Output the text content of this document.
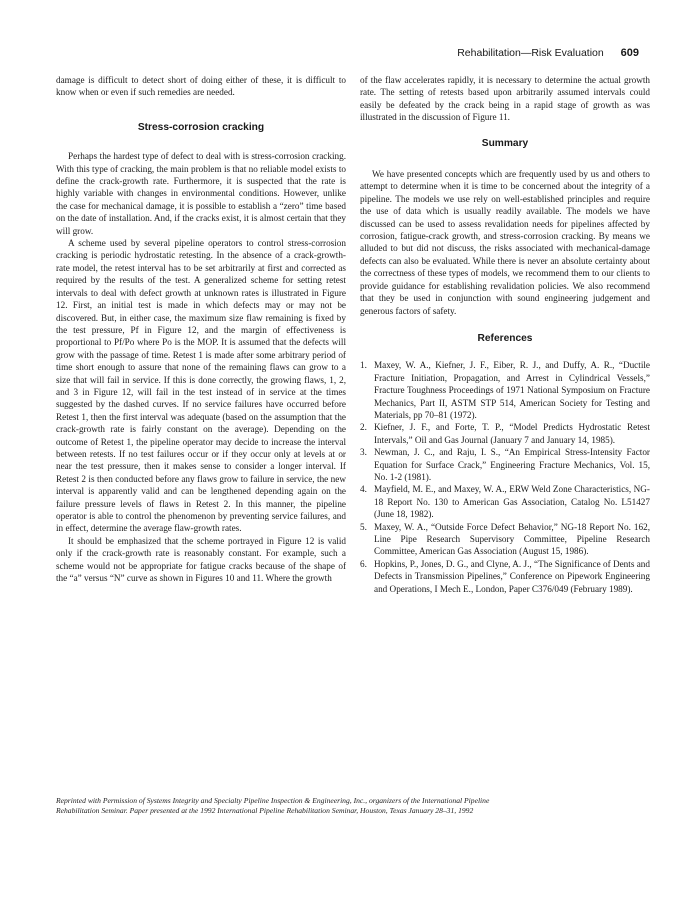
Rehabilitation—Risk Evaluation 609

damage is difficult to detect short of doing either of these, it is difficult to know when or even if such remedies are needed.

Stress-corrosion cracking

Perhaps the hardest type of defect to deal with is stress-corrosion cracking. With this type of cracking, the main problem is that no reliable model exists to define the crack-growth rate. Furthermore, it is suspected that the rate is highly variable with changes in environmental conditions. However, unlike the case for mechanical damage, it is possible to establish a “zero” time based on the date of installation. And, if the cracks exist, it is almost certain that they will grow.

A scheme used by several pipeline operators to control stress-corrosion cracking is periodic hydrostatic retesting. In the absence of a crack-growth-rate model, the retest interval has to be set arbitrarily at first and corrected as required by the results of the test. A generalized scheme for setting retest intervals to deal with defect growth at unknown rates is illustrated in Figure 12. First, an initial test is made in which defects may or may not be discovered. But, in either case, the maximum size flaw remaining is fixed by the test pressure, Pf in Figure 12, and the margin of effectiveness is proportional to Pf/Po where Po is the MOP. It is assumed that the defects will grow with the passage of time. Retest 1 is made after some arbitrary period of time short enough to assure that none of the remaining flaws can grow to a size that will fail in service. If this is done correctly, the growing flaws, 1, 2, and 3 in Figure 12, will fail in the test instead of in service at the times suggested by the dashed curves. If no service failures have occurred before Retest 1, then the first interval was adequate (based on the assumption that the crack-growth rate is fairly constant on the average). Depending on the outcome of Retest 1, the pipeline operator may decide to increase the interval between retests. If no test failures occur or if they occur only at levels at or near the test pressure, then it makes sense to consider a longer interval. If Retest 2 is then conducted before any flaws grow to failure in service, the new interval is apparently valid and can be lengthened depending again on the failure pressure levels of flaws in Retest 2. In this manner, the pipeline operator is able to control the phenomenon by preventing service failures, and in effect, determine the average flaw-growth rates.

It should be emphasized that the scheme portrayed in Figure 12 is valid only if the crack-growth rate is reasonably constant. For example, such a scheme would not be appropriate for fatigue cracks because of the shape of the “a” versus “N” curve as shown in Figures 10 and 11. Where the growth

of the flaw accelerates rapidly, it is necessary to determine the actual growth rate. The setting of retests based upon arbitrarily assumed intervals could easily be defeated by the crack being in a rapid stage of growth as was illustrated in the discussion of Figure 11.

Summary

We have presented concepts which are frequently used by us and others to attempt to determine when it is time to be concerned about the integrity of a pipeline. The models we use rely on well-established principles and require the use of data which is usually readily available. The models we have discussed can be used to assess revalidation needs for pipelines affected by corrosion, fatigue-crack growth, and stress-corrosion cracking. By means we alluded to but did not discuss, the risks associated with mechanical-damage defects can also be evaluated. While there is never an absolute certainty about the correctness of these types of models, we recommend them to our clients to provide guidance for establishing revalidation policies. We also recommend that they be used in conjunction with sound engineering judgement and generous factors of safety.

References
1. Maxey, W. A., Kiefner, J. F., Eiber, R. J., and Duffy, A. R., “Ductile Fracture Initiation, Propagation, and Arrest in Cylindrical Vessels,” Fracture Toughness Proceedings of 1971 National Symposium on Fracture Mechanics, Part II, ASTM STP 514, American Society for Testing and Materials, pp 70–81 (1972).
2. Kiefner, J. F., and Forte, T. P., “Model Predicts Hydrostatic Retest Intervals,” Oil and Gas Journal (January 7 and January 14, 1985).
3. Newman, J. C., and Raju, I. S., “An Empirical Stress-Intensity Factor Equation for Surface Crack,” Engineering Fracture Mechanics, Vol. 15, No. 1-2 (1981).
4. Mayfield, M. E., and Maxey, W. A., ERW Weld Zone Characteristics, NG-18 Report No. 130 to American Gas Association, Catalog No. L51427 (June 18, 1982).
5. Maxey, W. A., “Outside Force Defect Behavior,” NG-18 Report No. 162, Line Pipe Research Supervisory Committee, Pipeline Research Committee, American Gas Association (August 15, 1986).
6. Hopkins, P., Jones, D. G., and Clyne, A. J., “The Significance of Dents and Defects in Transmission Pipelines,” Conference on Pipework Engineering and Operations, I Mech E., London, Paper C376/049 (February 1989).
Reprinted with Permission of Systems Integrity and Specialty Pipeline Inspection & Engineering, Inc., organizers of the International Pipeline
Rehabilitation Seminar. Paper presented at the 1992 International Pipeline Rehabilitation Seminar, Houston, Texas January 28–31, 1992
